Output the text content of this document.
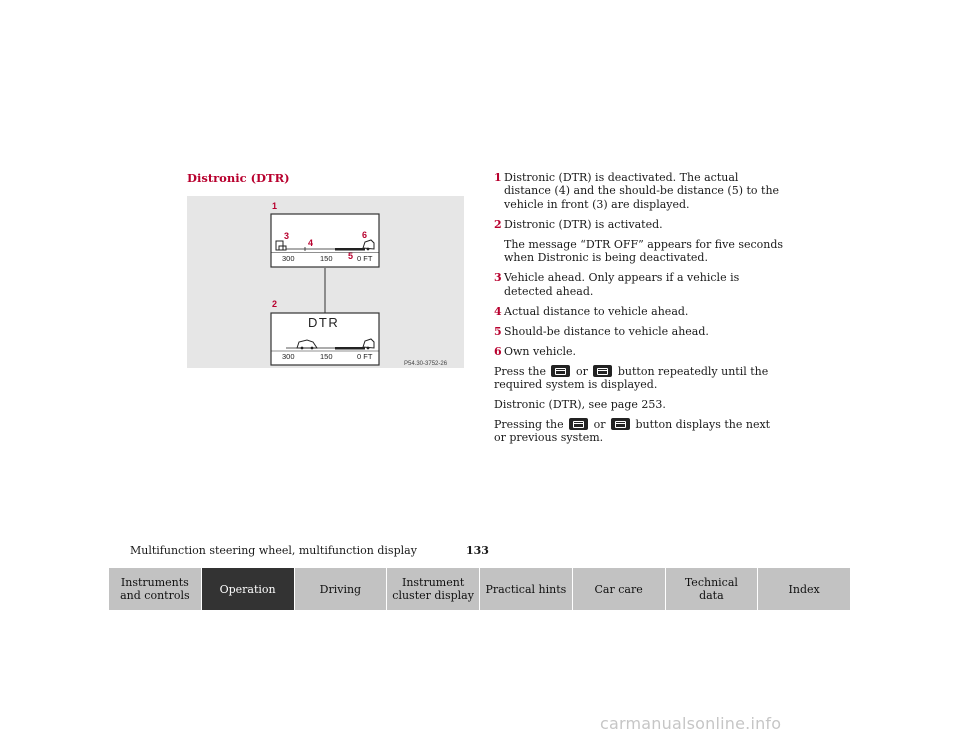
Distronic (DTR)
1
2
3
4
5
6
300	150	0 FT
DTR
300	150	0 FT
P54.30-3752-26
1 Distronic (DTR) is deactivated. The actual distance (4) and the should-be distance (5) to the vehicle in front (3) are displayed.
2 Distronic (DTR) is activated.
The message “DTR OFF” appears for five seconds when Distronic is being deactivated.
3 Vehicle ahead. Only appears if a vehicle is detected ahead.
4 Actual distance to vehicle ahead.
5 Should-be distance to vehicle ahead.
6 Own vehicle.
Press the	or	button repeatedly until the required system is displayed.
Distronic (DTR), see page 253.
Pressing the	or	button displays the next or previous system.
Multifunction steering wheel, multifunction display	133
Instruments
and controls	Operation	Driving	Instrument
cluster display	Practical hints	Car care	Technical
data	Index
carmanualsonline.info
